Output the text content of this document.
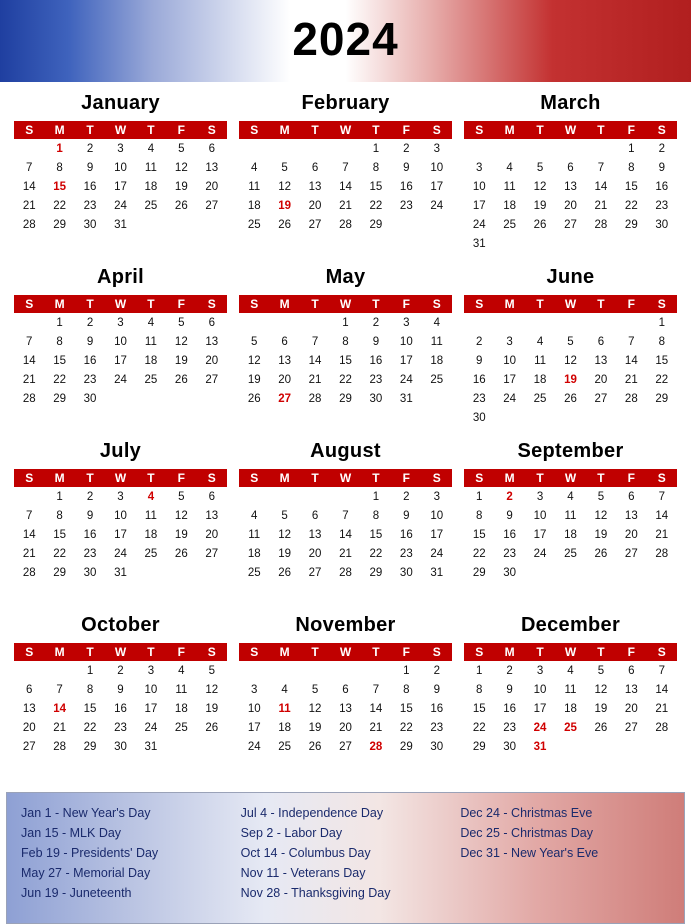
2024
January
S	M	T	W	T	F	S
	1	2	3	4	5	6
7	8	9	10	11	12	13
14	15	16	17	18	19	20
21	22	23	24	25	26	27
28	29	30	31			
February
S	M	T	W	T	F	S
				1	2	3
4	5	6	7	8	9	10
11	12	13	14	15	16	17
18	19	20	21	22	23	24
25	26	27	28	29		
March
S	M	T	W	T	F	S
					1	2
3	4	5	6	7	8	9
10	11	12	13	14	15	16
17	18	19	20	21	22	23
24	25	26	27	28	29	30
31						
April
S	M	T	W	T	F	S
	1	2	3	4	5	6
7	8	9	10	11	12	13
14	15	16	17	18	19	20
21	22	23	24	25	26	27
28	29	30				
May
S	M	T	W	T	F	S
			1	2	3	4
5	6	7	8	9	10	11
12	13	14	15	16	17	18
19	20	21	22	23	24	25
26	27	28	29	30	31	
June
S	M	T	W	T	F	S
						1
2	3	4	5	6	7	8
9	10	11	12	13	14	15
16	17	18	19	20	21	22
23	24	25	26	27	28	29
30						
July
S	M	T	W	T	F	S
	1	2	3	4	5	6
7	8	9	10	11	12	13
14	15	16	17	18	19	20
21	22	23	24	25	26	27
28	29	30	31			
August
S	M	T	W	T	F	S
				1	2	3
4	5	6	7	8	9	10
11	12	13	14	15	16	17
18	19	20	21	22	23	24
25	26	27	28	29	30	31
September
S	M	T	W	T	F	S
1	2	3	4	5	6	7
8	9	10	11	12	13	14
15	16	17	18	19	20	21
22	23	24	25	26	27	28
29	30					
October
S	M	T	W	T	F	S
		1	2	3	4	5
6	7	8	9	10	11	12
13	14	15	16	17	18	19
20	21	22	23	24	25	26
27	28	29	30	31		
November
S	M	T	W	T	F	S
					1	2
3	4	5	6	7	8	9
10	11	12	13	14	15	16
17	18	19	20	21	22	23
24	25	26	27	28	29	30
December
S	M	T	W	T	F	S
1	2	3	4	5	6	7
8	9	10	11	12	13	14
15	16	17	18	19	20	21
22	23	24	25	26	27	28
29	30	31				
Jan 1 - New Year's Day
Jan 15 - MLK Day
Feb 19 - Presidents' Day
May 27 - Memorial Day
Jun 19 - Juneteenth
Jul 4 - Independence Day
Sep 2 - Labor Day
Oct 14 - Columbus Day
Nov 11 - Veterans Day
Nov 28 - Thanksgiving Day
Dec 24 - Christmas Eve
Dec 25 - Christmas Day
Dec 31 - New Year's Eve
